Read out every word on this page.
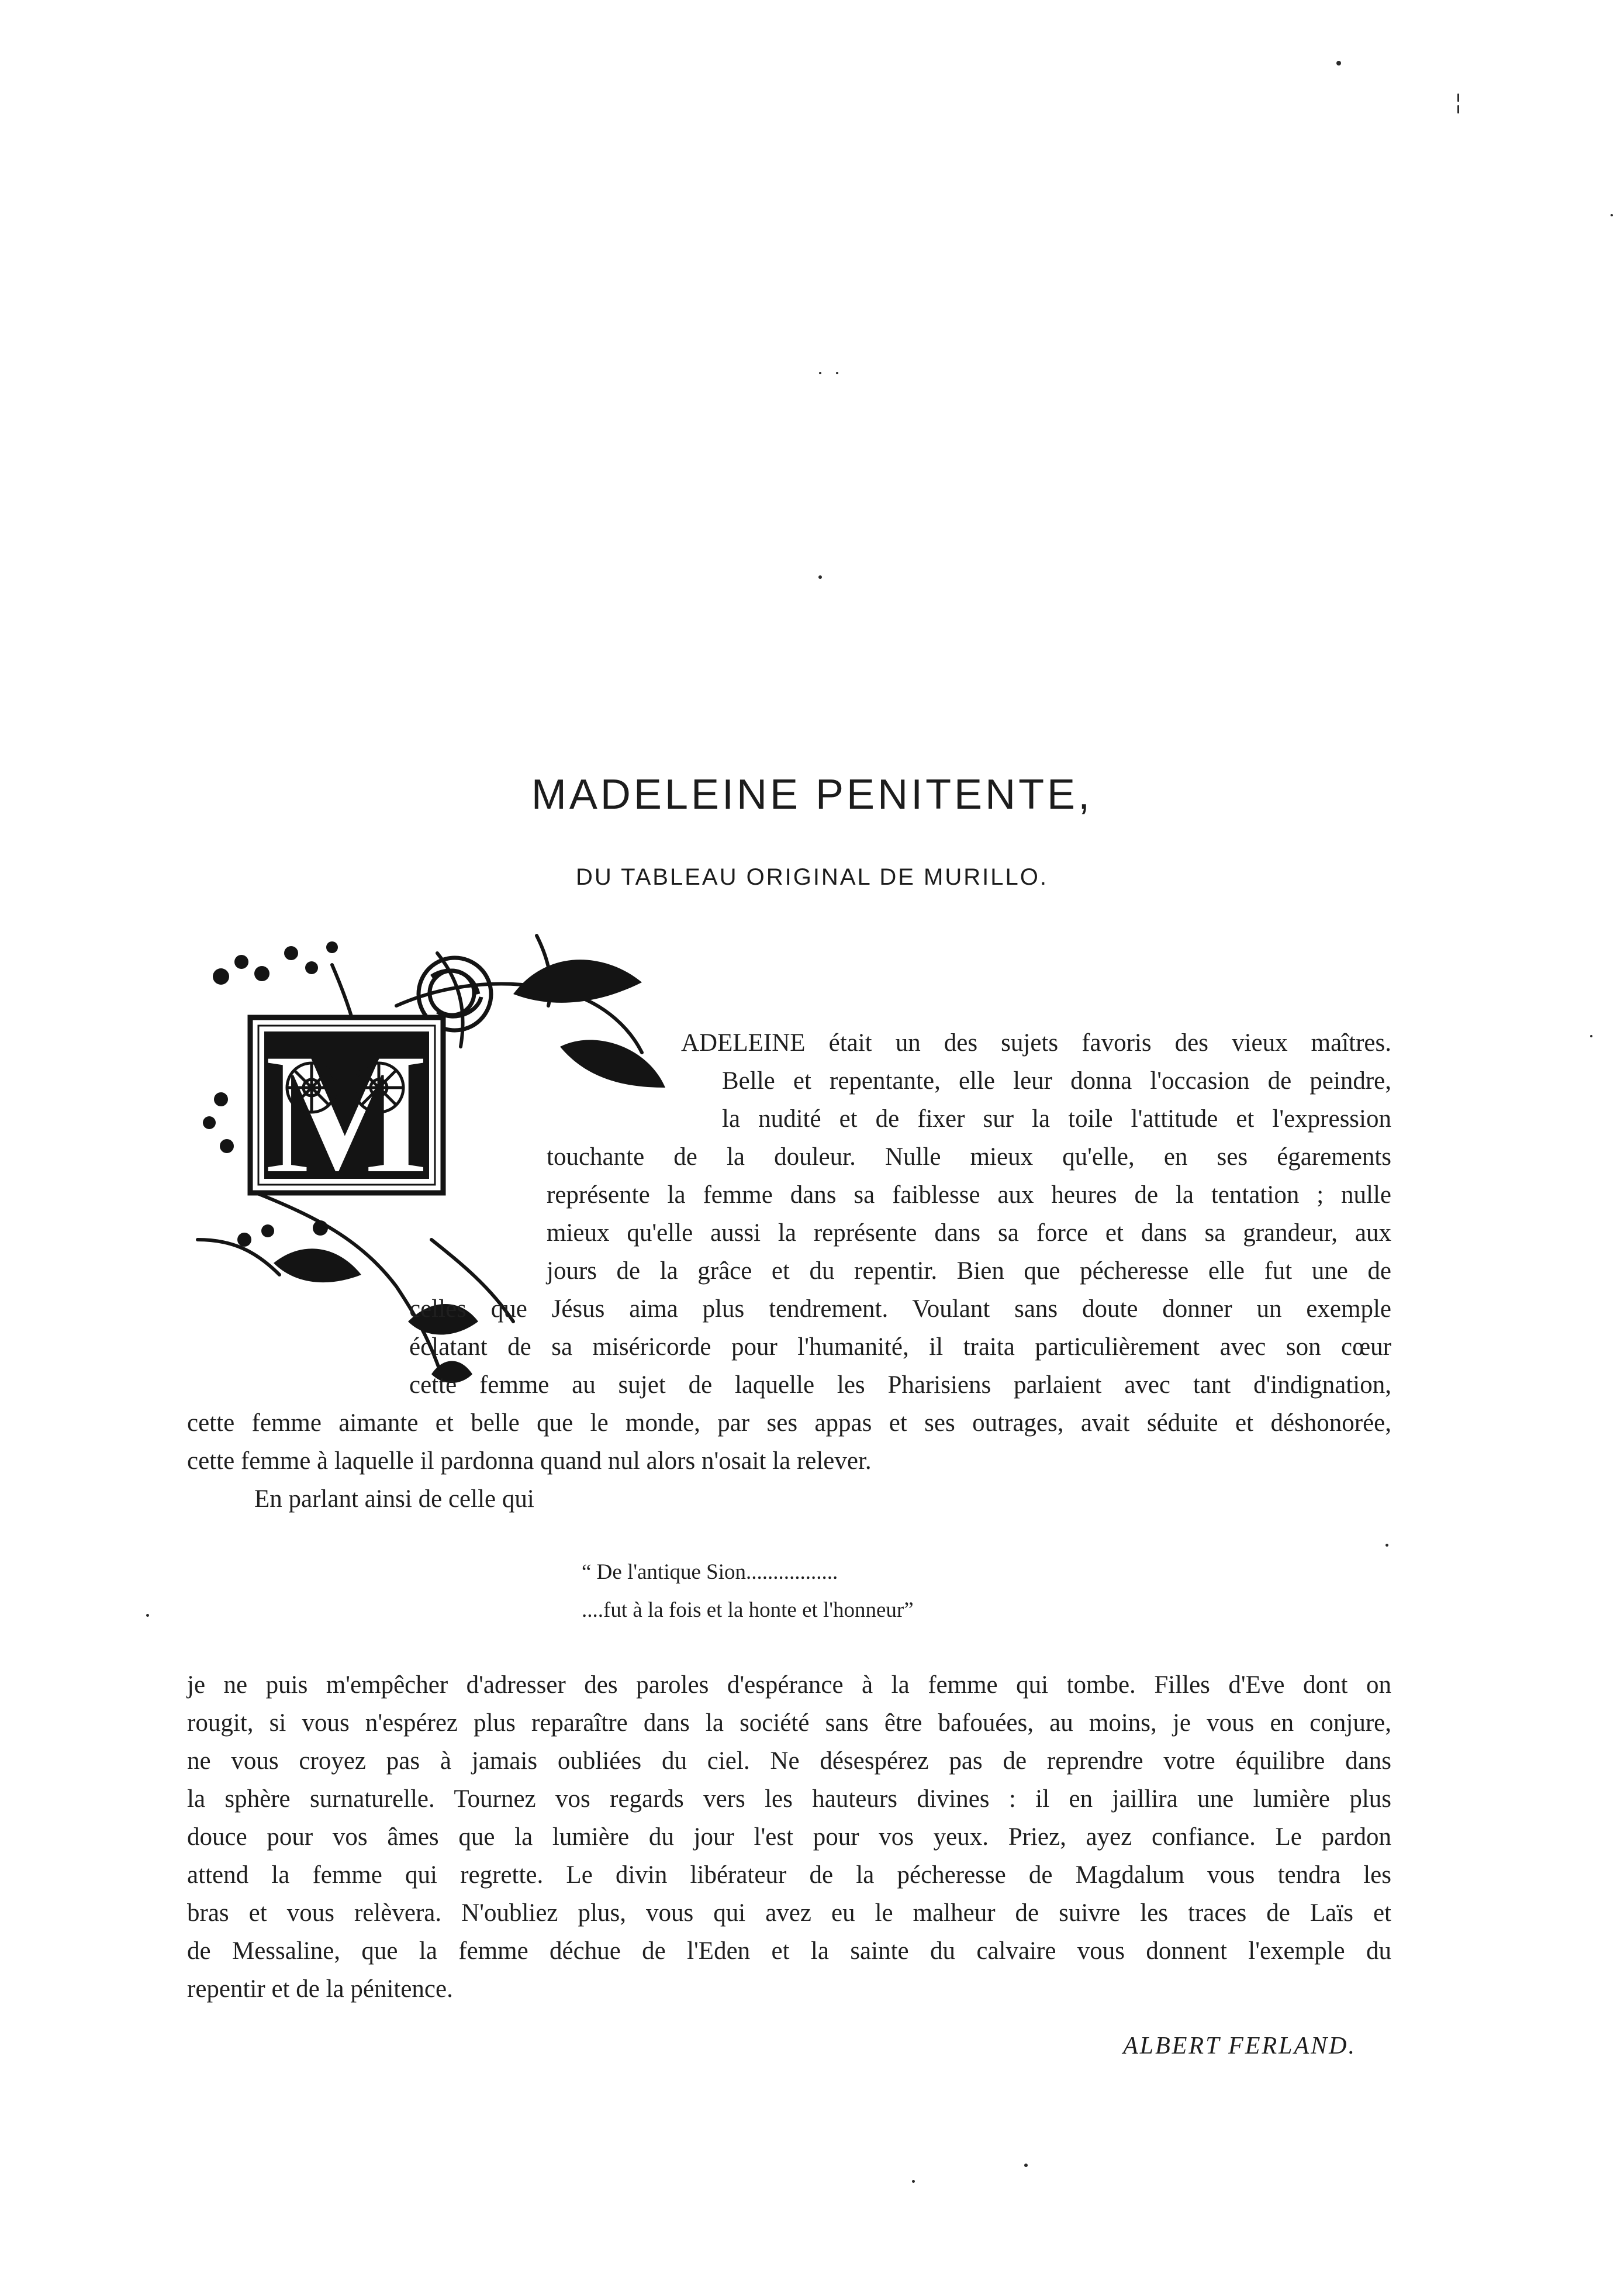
MADELEINE PENITENTE,
DU TABLEAU ORIGINAL DE MURILLO.
M	ADELEINE était un des sujets favoris des vieux maîtres.
Belle et repentante, elle leur donna l'occasion de peindre,
la nudité et de fixer sur la toile l'attitude et l'expression
touchante de la douleur. Nulle mieux qu'elle, en ses égarements
représente la femme dans sa faiblesse aux heures de la tentation ; nulle
mieux qu'elle aussi la représente dans sa force et dans sa grandeur, aux
jours de la grâce et du repentir. Bien que pécheresse elle fut une de
celles que Jésus aima plus tendrement. Voulant sans doute donner un exemple
éclatant de sa miséricorde pour l'humanité, il traita particulièrement avec son cœur
cette femme au sujet de laquelle les Pharisiens parlaient avec tant d'indignation,
cette femme aimante et belle que le monde, par ses appas et ses outrages, avait séduite et déshonorée,
cette femme à laquelle il pardonna quand nul alors n'osait la relever.
En parlant ainsi de celle qui
“ De l'antique Sion.................
....fut à la fois et la honte et l'honneur”
je ne puis m'empêcher d'adresser des paroles d'espérance à la femme qui tombe. Filles d'Eve dont on
rougit, si vous n'espérez plus reparaître dans la société sans être bafouées, au moins, je vous en conjure,
ne vous croyez pas à jamais oubliées du ciel. Ne désespérez pas de reprendre votre équilibre dans
la sphère surnaturelle. Tournez vos regards vers les hauteurs divines : il en jaillira une lumière plus
douce pour vos âmes que la lumière du jour l'est pour vos yeux. Priez, ayez confiance. Le pardon
attend la femme qui regrette. Le divin libérateur de la pécheresse de Magdalum vous tendra les
bras et vous relèvera. N'oubliez plus, vous qui avez eu le malheur de suivre les traces de Laïs et
de Messaline, que la femme déchue de l'Eden et la sainte du calvaire vous donnent l'exemple du
repentir et de la pénitence.
ALBERT FERLAND.
